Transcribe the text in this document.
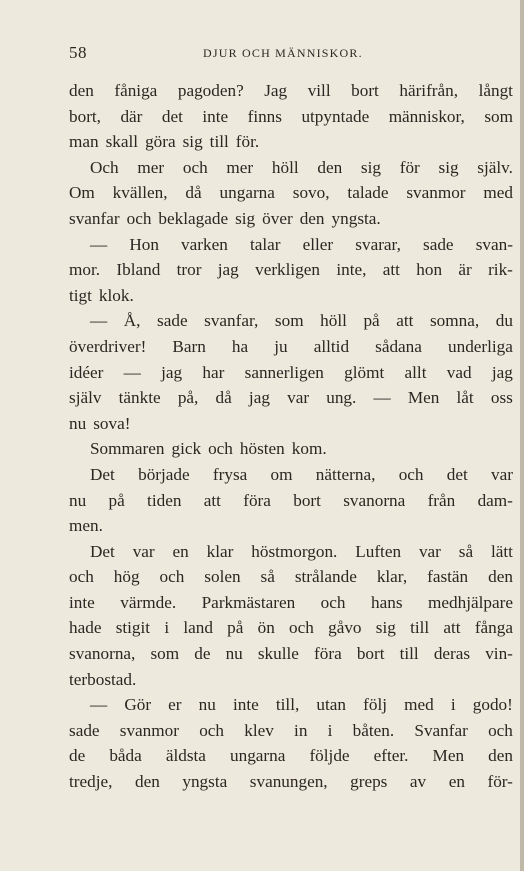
58	DJUR OCH MÄNNISKOR.
den fåniga pagoden? Jag vill bort härifrån, långt
bort, där det inte finns utpyntade människor, som
man skall göra sig till för.
Och mer och mer höll den sig för sig själv.
Om kvällen, då ungarna sovo, talade svanmor med
svanfar och beklagade sig över den yngsta.
— Hon varken talar eller svarar, sade svan-
mor. Ibland tror jag verkligen inte, att hon är rik-
tigt klok.
— Å, sade svanfar, som höll på att somna, du
överdriver! Barn ha ju alltid sådana underliga
idéer — jag har sannerligen glömt allt vad jag
själv tänkte på, då jag var ung. — Men låt oss
nu sova!
Sommaren gick och hösten kom.
Det började frysa om nätterna, och det var
nu på tiden att föra bort svanorna från dam-
men.
Det var en klar höstmorgon. Luften var så lätt
och hög och solen så strålande klar, fastän den
inte värmde. Parkmästaren och hans medhjälpare
hade stigit i land på ön och gåvo sig till att fånga
svanorna, som de nu skulle föra bort till deras vin-
terbostad.
— Gör er nu inte till, utan följ med i godo!
sade svanmor och klev in i båten. Svanfar och
de båda äldsta ungarna följde efter. Men den
tredje, den yngsta svanungen, greps av en för-
